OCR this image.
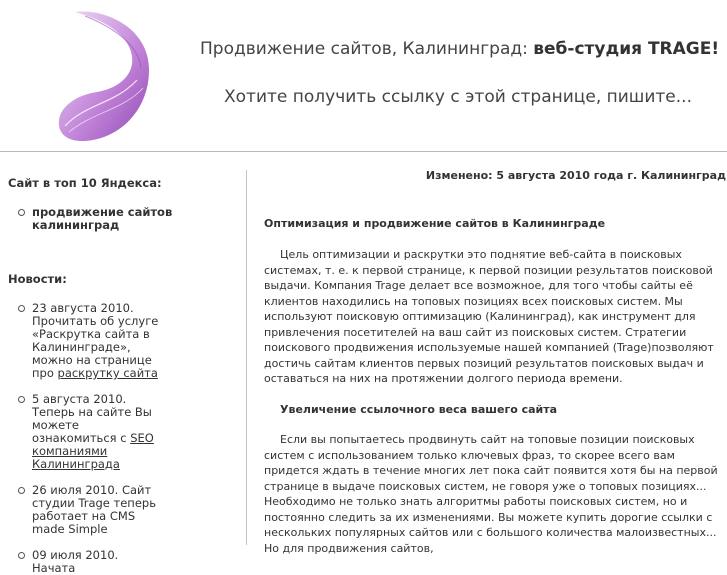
Продвижение сайтов, Калининград: веб-студия TRAGE!
Хотите получить ссылку с этой странице, пишите...
Сайт в топ 10 Яндекса:
продвижение сайтов калининград
Новости:
23 августа 2010. Прочитать об услуге «Раскрутка сайта в Калининграде», можно на странице про раскрутку сайта
5 августа 2010. Теперь на сайте Вы можете ознакомиться с SEO компаниями Калининграда
26 июля 2010. Сайт студии Trage теперь работает на CMS made Simple
09 июля 2010. Начата

Изменено: 5 августа 2010 года г. Калининград

Оптимизация и продвижение сайтов в Калининграде

Цель оптимизации и раскрутки это поднятие веб-сайта в поисковых системах, т. е. к первой странице, к первой позиции результатов поисковой выдачи. Компания Trage делает все возможное, для того чтобы сайты её клиентов находились на топовых позициях всех поисковых систем. Мы используют поисковую оптимизацию (Калининград), как инструмент для привлечения посетителей на ваш сайт из поисковых систем. Стратегии поискового продвижения используемые нашей компанией (Trage)позволяют достичь сайтам клиентов первых позиций результатов поисковых выдач и оставаться на них на протяжении долгого периода времени.

Увеличение ссылочного веса вашего сайта

Если вы попытаетесь продвинуть сайт на топовые позиции поисковых систем с использованием только ключевых фраз, то скорее всего вам придется ждать в течение многих лет пока сайт появится хотя бы на первой странице в выдаче поисковых систем, не говоря уже о топовых позициях... Необходимо не только знать алгоритмы работы поисковых систем, но и постоянно следить за их изменениями. Вы можете купить дорогие ссылки с нескольких популярных сайтов или с большого количества малоизвестных... Но для продвижения сайтов,
